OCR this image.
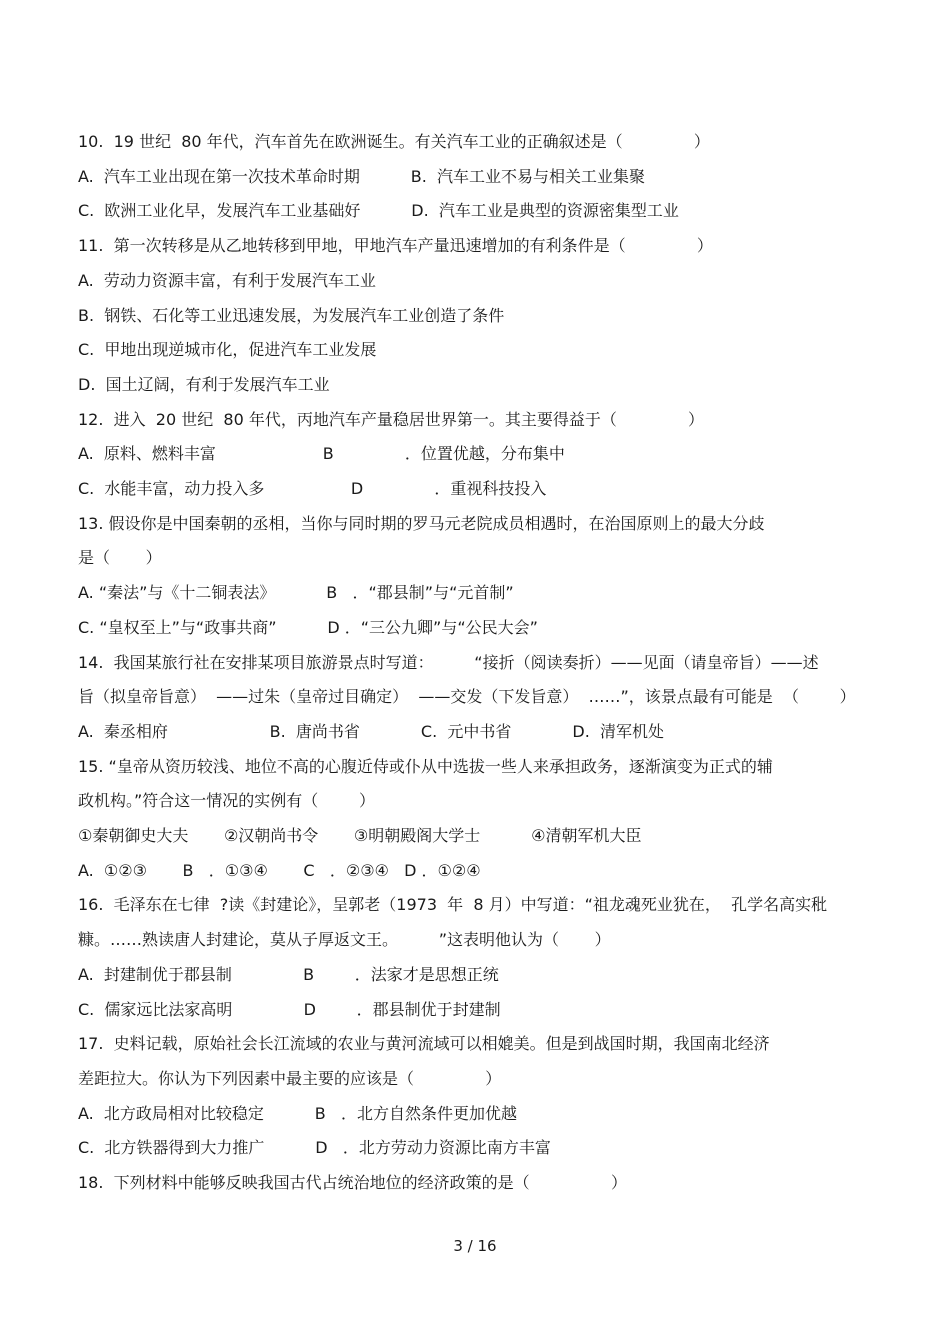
10.  19 世纪  80 年代，汽车首先在欧洲诞生。有关汽车工业的正确叙述是（              ）
A.  汽车工业出现在第一次技术革命时期          B.  汽车工业不易与相关工业集聚
C.  欧洲工业化早，发展汽车工业基础好          D.  汽车工业是典型的资源密集型工业
11.  第一次转移是从乙地转移到甲地，甲地汽车产量迅速增加的有利条件是（              ）
A.  劳动力资源丰富，有利于发展汽车工业
B.  钢铁、石化等工业迅速发展，为发展汽车工业创造了条件
C.  甲地出现逆城市化，促进汽车工业发展
D.  国土辽阔，有利于发展汽车工业
12.  进入  20 世纪  80 年代，丙地汽车产量稳居世界第一。其主要得益于（              ）
A.  原料、燃料丰富                     B              ．位置优越，分布集中
C.  水能丰富，动力投入多                 D              ．重视科技投入
13. 假设你是中国秦朝的丞相，当你与同时期的罗马元老院成员相遇时，在治国原则上的最大分歧
是（       ）
A. “秦法”与《十二铜表法》          B   ．“郡县制”与“元首制”
C. “皇权至上”与“政事共商”          D ．“三公九卿”与“公民大会”
14.  我国某旅行社在安排某项目旅游景点时写道：        “接折（阅读奏折）——见面（请皇帝旨）——述
旨（拟皇帝旨意）  ——过朱（皇帝过目确定）  ——交发（下发旨意）  ……”，该景点最有可能是  （        ）
A.  秦丞相府                    B.  唐尚书省            C.  元中书省            D.  清军机处
15. “皇帝从资历较浅、地位不高的心腹近侍或仆从中选拔一些人来承担政务，逐渐演变为正式的辅
政机构。”符合这一情况的实例有（        ）
①秦朝御史大夫       ②汉朝尚书令       ③明朝殿阁大学士          ④清朝军机大臣
A.  ①②③       B   ．①③④       C   ．②③④   D ．①②④
16.  毛泽东在七律  ?读《封建论》，呈郭老（1973  年  8 月）中写道：“祖龙魂死业犹在，  孔学名高实秕
糠。……熟读唐人封建论，莫从子厚返文王。        ”这表明他认为（       ）
A.  封建制优于郡县制              B        ．法家才是思想正统
C.  儒家远比法家高明              D        ．郡县制优于封建制
17.  史料记载，原始社会长江流域的农业与黄河流域可以相媲美。但是到战国时期，我国南北经济
差距拉大。你认为下列因素中最主要的应该是（              ）
A.  北方政局相对比较稳定          B   ．北方自然条件更加优越
C.  北方铁器得到大力推广          D   ．北方劳动力资源比南方丰富
18.  下列材料中能够反映我国古代占统治地位的经济政策的是（                ）
3 / 16
